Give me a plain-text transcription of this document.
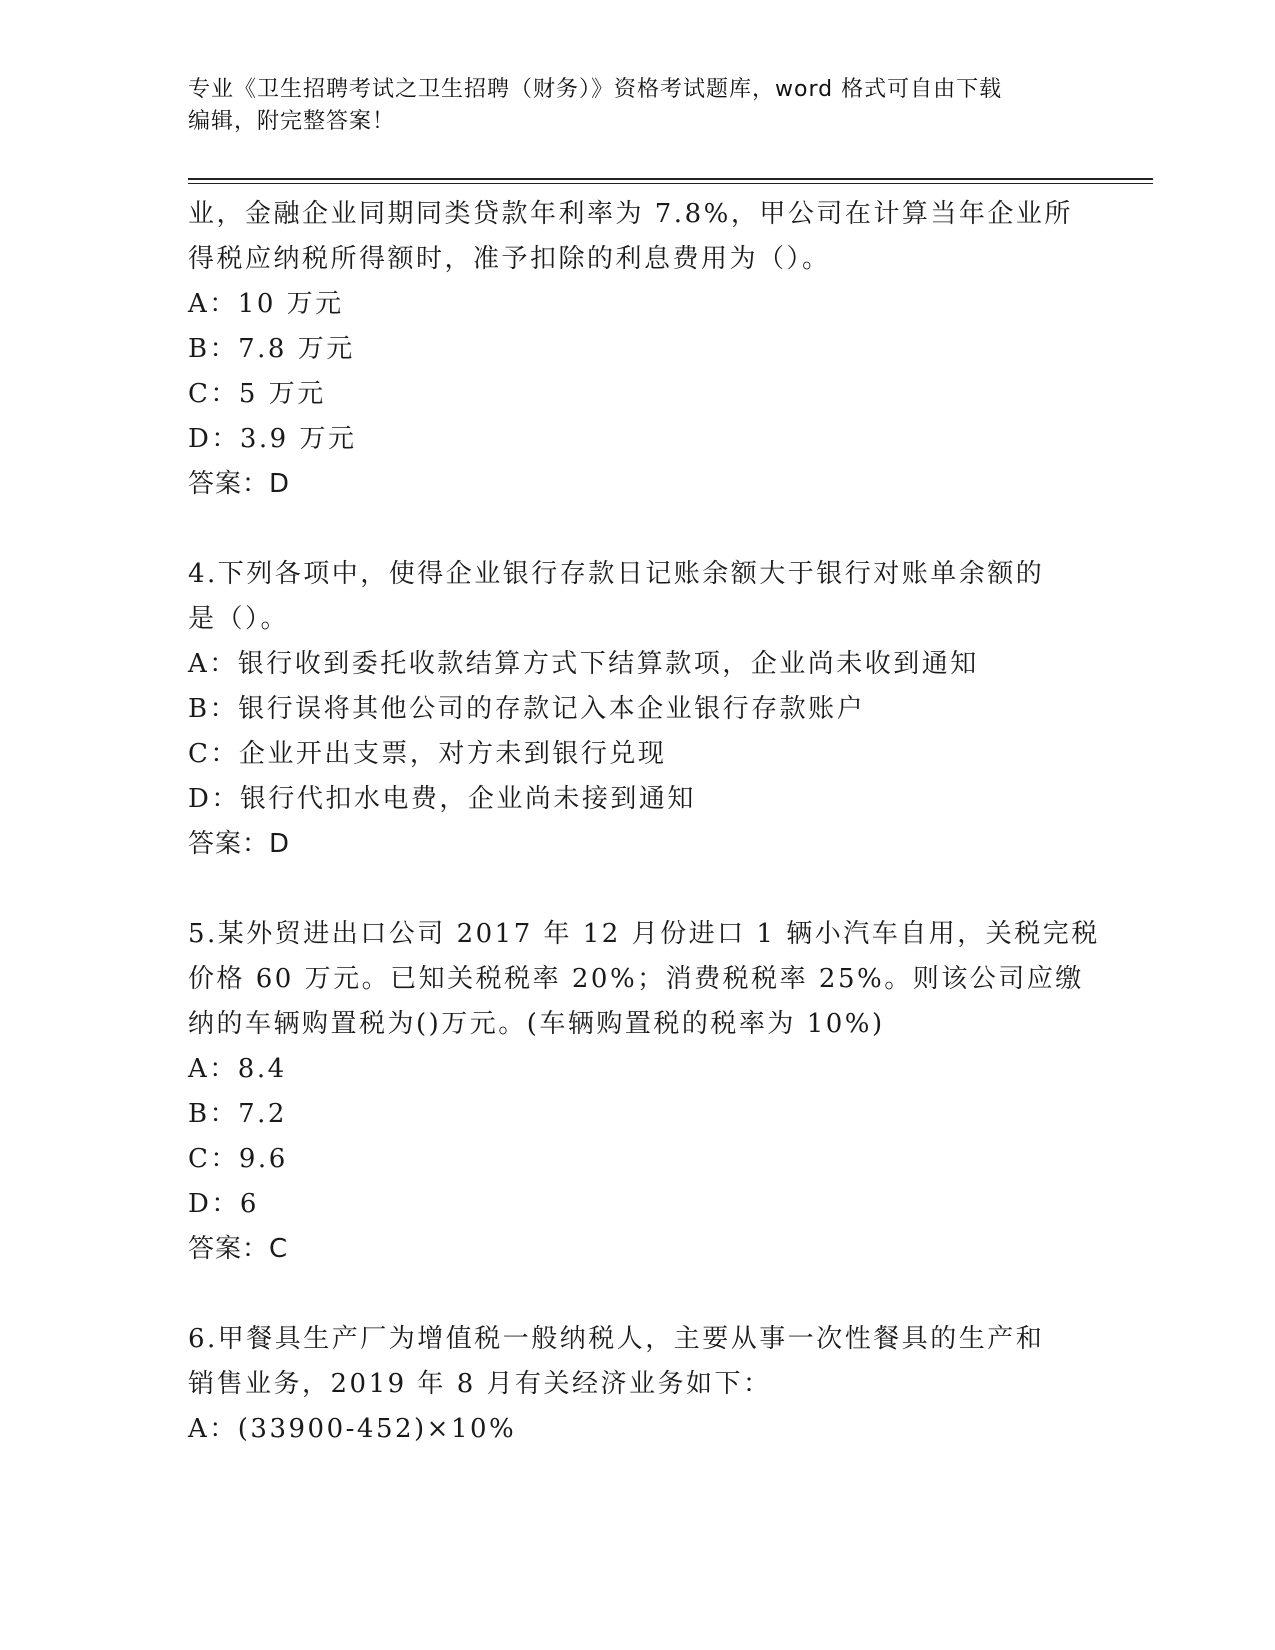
专业《卫生招聘考试之卫生招聘（财务）》资格考试题库，word 格式可自由下载
编辑，附完整答案！
业，金融企业同期同类贷款年利率为 7.8%，甲公司在计算当年企业所
得税应纳税所得额时，准予扣除的利息费用为（）。
A：10 万元
B：7.8 万元
C：5 万元
D：3.9 万元
答案：D
4.下列各项中，使得企业银行存款日记账余额大于银行对账单余额的
是（）。
A：银行收到委托收款结算方式下结算款项，企业尚未收到通知
B：银行误将其他公司的存款记入本企业银行存款账户
C：企业开出支票，对方未到银行兑现
D：银行代扣水电费，企业尚未接到通知
答案：D
5.某外贸进出口公司 2017 年 12 月份进口 1 辆小汽车自用，关税完税
价格 60 万元。已知关税税率 20%；消费税税率 25%。则该公司应缴
纳的车辆购置税为()万元。(车辆购置税的税率为 10%)
A：8.4
B：7.2
C：9.6
D：6
答案：C
6.甲餐具生产厂为增值税一般纳税人，主要从事一次性餐具的生产和
销售业务，2019 年 8 月有关经济业务如下：
A：(33900-452)×10%
